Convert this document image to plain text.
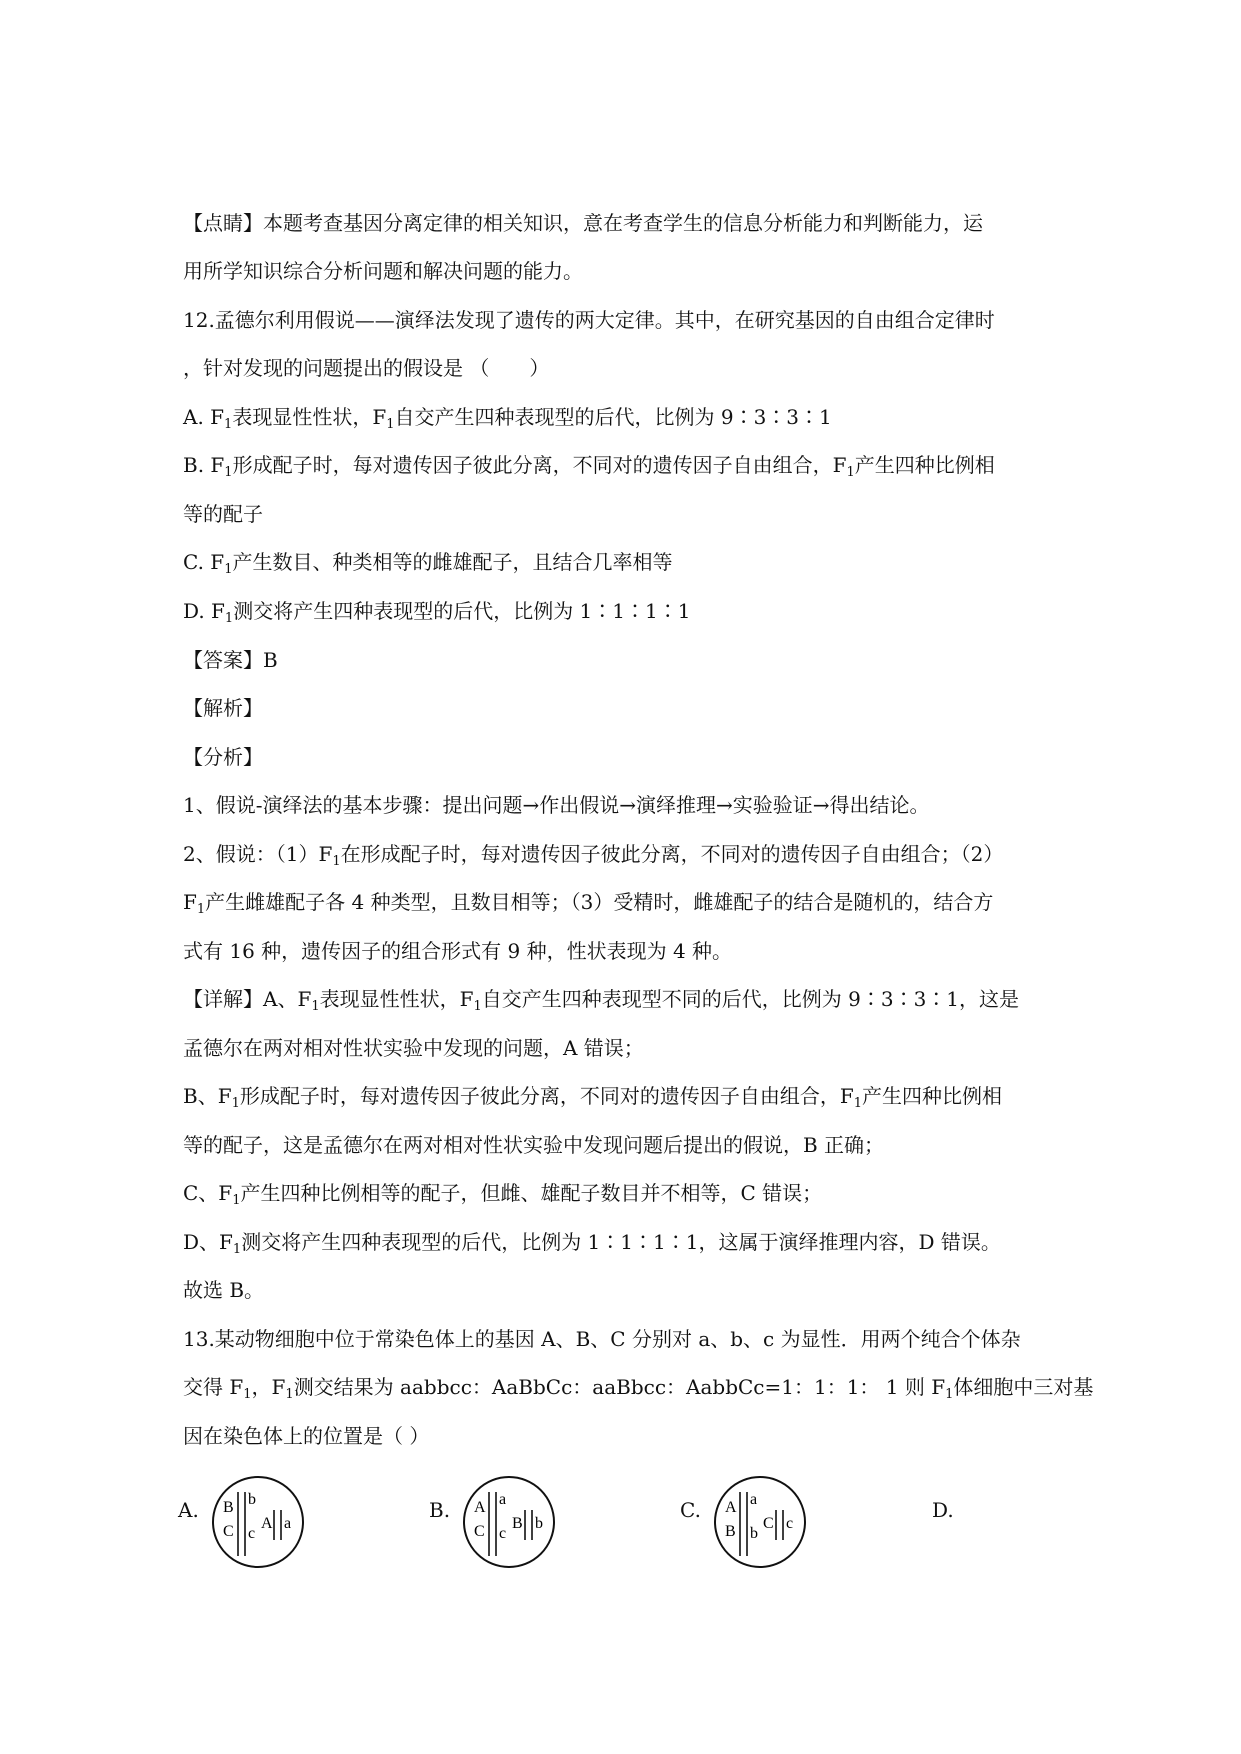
【点睛】本题考查基因分离定律的相关知识，意在考查学生的信息分析能力和判断能力，运
用所学知识综合分析问题和解决问题的能力。
12.孟德尔利用假说——演绎法发现了遗传的两大定律。其中，在研究基因的自由组合定律时
，针对发现的问题提出的假设是 （　　）
A. $F_1$表现显性性状，$F_1$自交产生四种表现型的后代，比例为 9∶3∶3∶1
B. $F_1$形成配子时，每对遗传因子彼此分离，不同对的遗传因子自由组合，$F_1$产生四种比例相
等的配子
C. $F_1$产生数目、种类相等的雌雄配子，且结合几率相等
D. $F_1$测交将产生四种表现型的后代，比例为 1∶1∶1∶1
【答案】B
【解析】
【分析】
1、假说-演绎法的基本步骤：提出问题→作出假说→演绎推理→实验验证→得出结论。
2、假说：$(1)F_1$在形成配子时，每对遗传因子彼此分离，不同对的遗传因子自由组合；（2）
$F_1$产生雌雄配子各 4 种类型，且数目相等；（3）受精时，雌雄配子的结合是随机的，结合方
式有 16 种，遗传因子的组合形式有 9 种，性状表现为 4 种。
【详解】A、$F_1$表现显性性状，$F_1$自交产生四种表现型不同的后代，比例为 9∶3∶3∶1，这是
孟德尔在两对相对性状实验中发现的问题，A 错误；
B、$F_1$形成配子时，每对遗传因子彼此分离，不同对的遗传因子自由组合，$F_1$产生四种比例相
等的配子，这是孟德尔在两对相对性状实验中发现问题后提出的假说，B 正确；
C、$F_1$产生四种比例相等的配子，但雌、雄配子数目并不相等，C 错误；
D、$F_1$测交将产生四种表现型的后代，比例为 1∶1∶1∶1，这属于演绎推理内容，D 错误。
故选 B。
13.某动物细胞中位于常染色体上的基因 A、B、C 分别对 a、b、c 为显性．用两个纯合个体杂
交得 $F_1$，$F_1$测交结果为 aabbcc：AaBbCc：aaBbcc：AabbCc=1：1：1： 1 则 $F_1$体细胞中三对基
因在染色体上的位置是（ ）
A.	B.	C.	D.
B b
C c
A a
A a
C c
B b
A a
B b
C c
